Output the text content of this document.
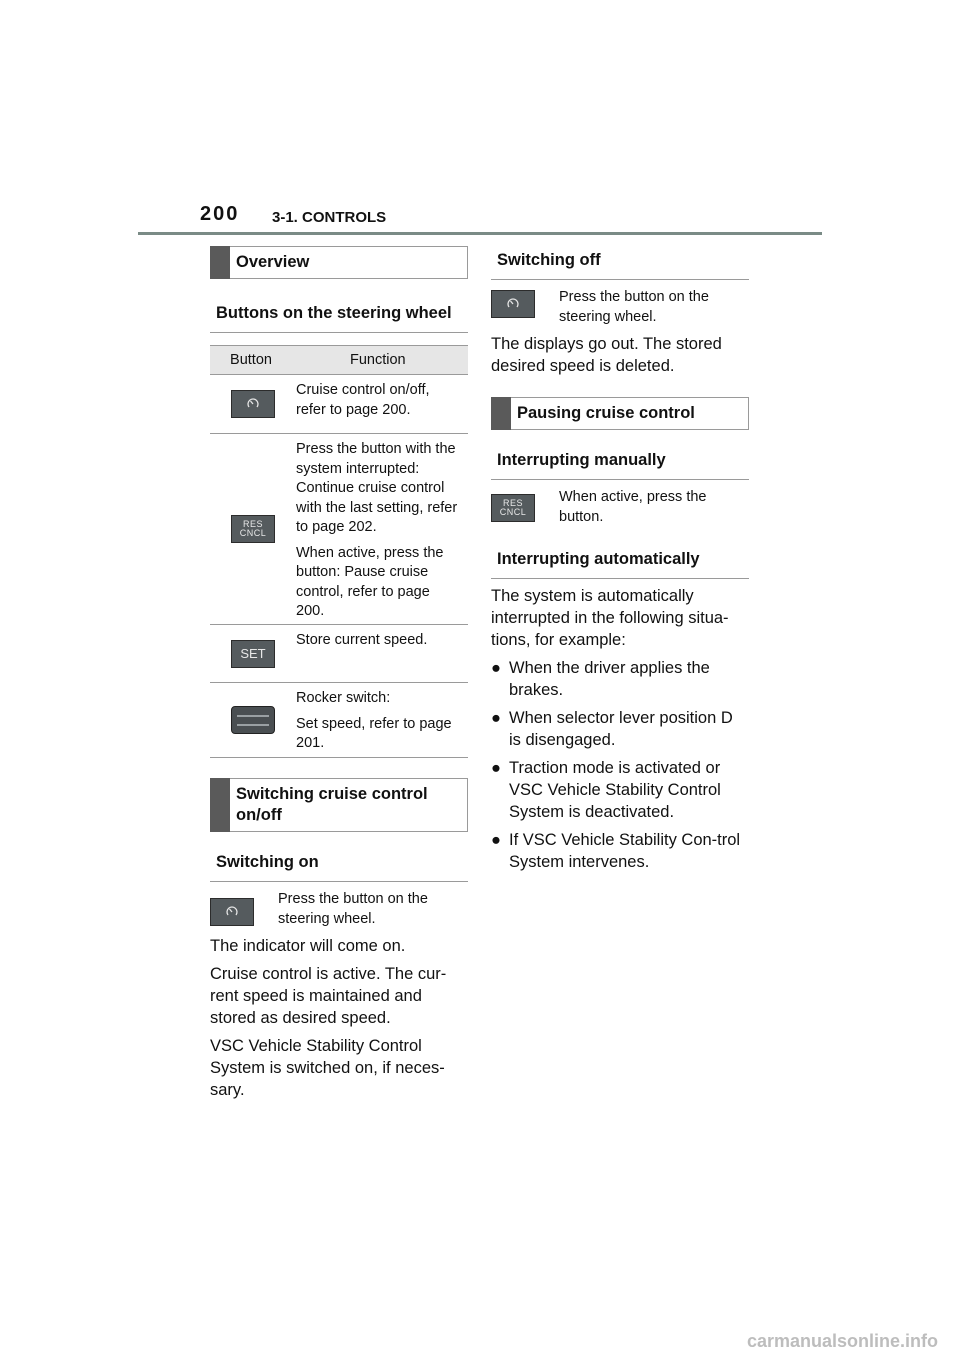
200 3-1. CONTROLS
Overview
Buttons on the steering wheel
Button	Function
Cruise control on/off, refer to page 200.
RES
CNCL
Press the button with the system interrupted: Continue cruise control with the last setting, refer to page 202.
When active, press the button: Pause cruise control, refer to page 200.
SET
Store current speed.
Rocker switch:
Set speed, refer to page 201.
Switching cruise control on/off
Switching on
Press the button on the steering wheel.

The indicator will come on.

Cruise control is active. The cur-rent speed is maintained and stored as desired speed.

VSC Vehicle Stability Control System is switched on, if neces-sary.

Switching off
Press the button on the steering wheel.

The displays go out. The stored desired speed is deleted.

Pausing cruise control
Interrupting manually
RES
CNCL
When active, press the button.
Interrupting automatically

The system is automatically interrupted in the following situa-tions, for example:

● When the driver applies the brakes.
● When selector lever position D is disengaged.
● Traction mode is activated or VSC Vehicle Stability Control System is deactivated.
● If VSC Vehicle Stability Con-trol System intervenes.
carmanualsonline.info
